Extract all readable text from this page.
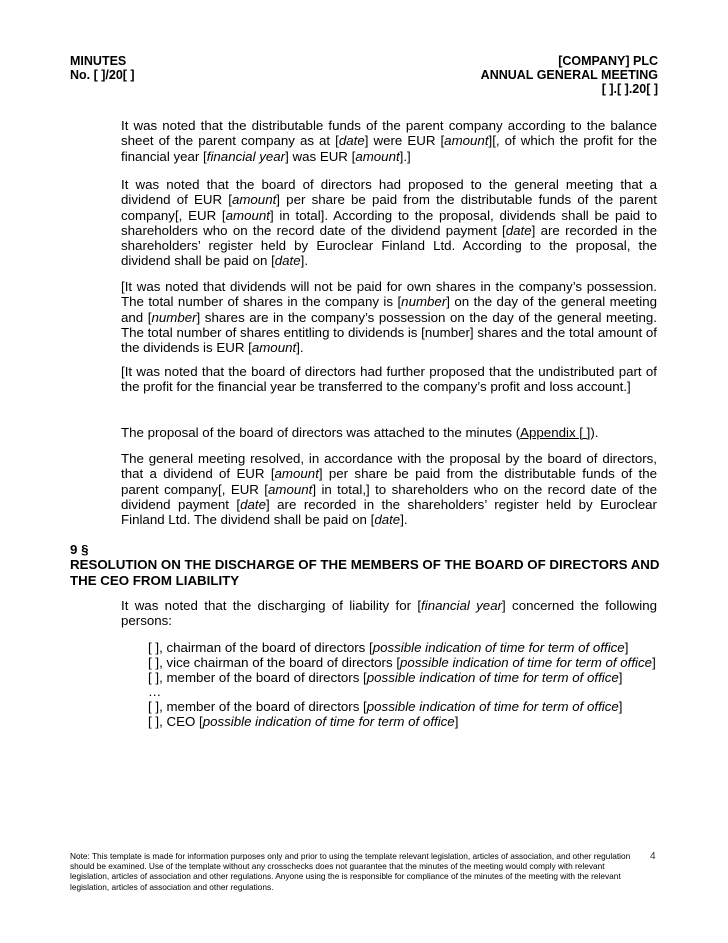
MINUTES
No. [ ]/20[ ]
[COMPANY] PLC
ANNUAL GENERAL MEETING
[ ].[ ].20[ ]

It was noted that the distributable funds of the parent company according to the balance sheet of the parent company as at [date] were EUR [amount][, of which the profit for the financial year [financial year] was EUR [amount].]

It was noted that the board of directors had proposed to the general meeting that a dividend of EUR [amount] per share be paid from the distributable funds of the parent company[, EUR [amount] in total]. According to the proposal, dividends shall be paid to shareholders who on the record date of the dividend payment [date] are recorded in the shareholders’ register held by Euroclear Finland Ltd. According to the proposal, the dividend shall be paid on [date].

[It was noted that dividends will not be paid for own shares in the company’s possession. The total number of shares in the company is [number] on the day of the general meeting and [number] shares are in the company’s possession on the day of the general meeting. The total number of shares entitling to dividends is [number] shares and the total amount of the dividends is EUR [amount].

[It was noted that the board of directors had further proposed that the undistributed part of the profit for the financial year be transferred to the company’s profit and loss account.]

The proposal of the board of directors was attached to the minutes (Appendix [ ]).

The general meeting resolved, in accordance with the proposal by the board of directors, that a dividend of EUR [amount] per share be paid from the distributable funds of the parent company[, EUR [amount] in total,] to shareholders who on the record date of the dividend payment [date] are recorded in the shareholders’ register held by Euroclear Finland Ltd. The dividend shall be paid on [date].

9 §
RESOLUTION ON THE DISCHARGE OF THE MEMBERS OF THE BOARD OF DIRECTORS AND THE CEO FROM LIABILITY

It was noted that the discharging of liability for [financial year] concerned the following persons:

[ ], chairman of the board of directors [possible indication of time for term of office]
[ ], vice chairman of the board of directors [possible indication of time for term of office]
[ ], member of the board of directors [possible indication of time for term of office]
…
[ ], member of the board of directors [possible indication of time for term of office]
[ ], CEO [possible indication of time for term of office]
Note: This template is made for information purposes only and prior to using the template relevant legislation, articles of association, and other regulation should be examined. Use of the template without any crosschecks does not guarantee that the minutes of the meeting would comply with relevant legislation, articles of association and other regulations. Anyone using the is responsible for compliance of the minutes of the meeting with the relevant legislation, articles of association and other regulations.
4
